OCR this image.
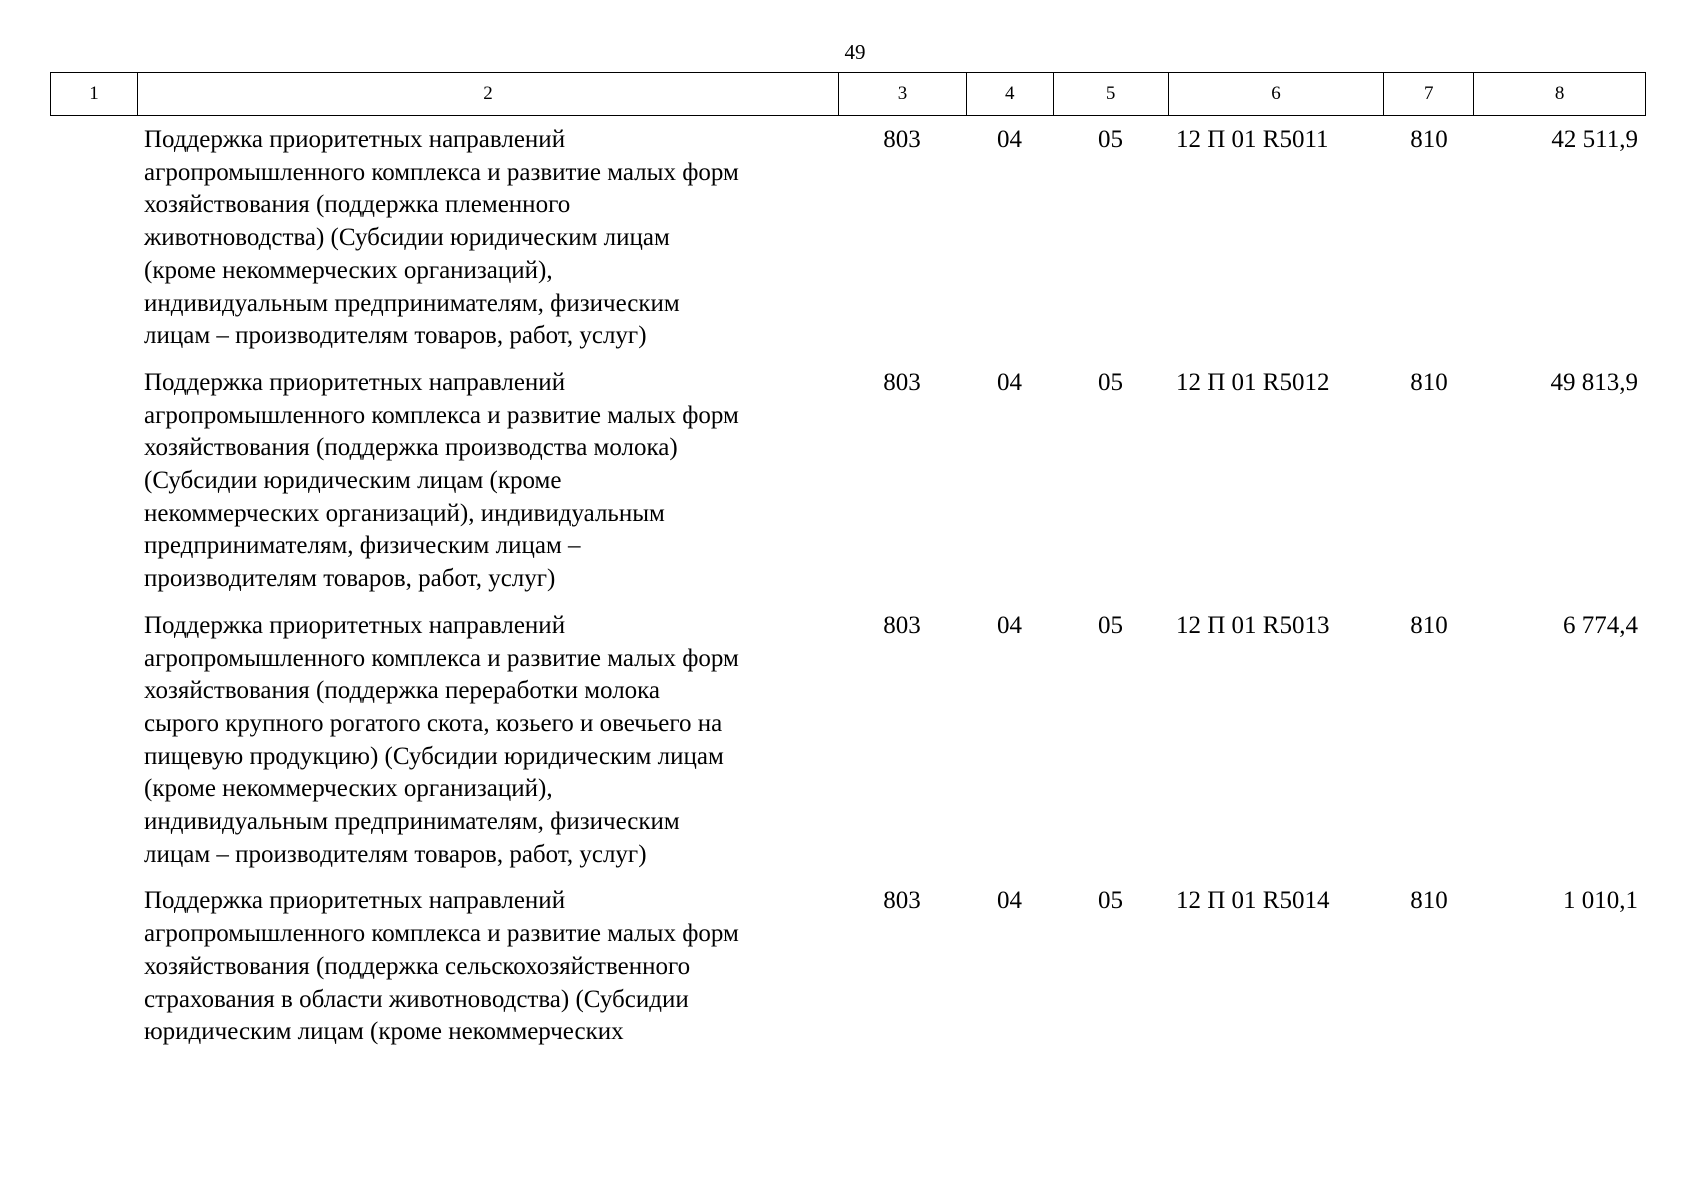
49
1	2	3	4	5	6	7	8
Поддержка приоритетных направлений
агропромышленного комплекса и развитие малых форм
хозяйствования (поддержка племенного
животноводства) (Субсидии юридическим лицам
(кроме некоммерческих организаций),
индивидуальным предпринимателям, физическим
лицам – производителям товаров, работ, услуг)
803	04	05	12 П 01 R5011	810	42 511,9
Поддержка приоритетных направлений
агропромышленного комплекса и развитие малых форм
хозяйствования (поддержка производства молока)
(Субсидии юридическим лицам (кроме
некоммерческих организаций), индивидуальным
предпринимателям, физическим лицам –
производителям товаров, работ, услуг)
803	04	05	12 П 01 R5012	810	49 813,9
Поддержка приоритетных направлений
агропромышленного комплекса и развитие малых форм
хозяйствования (поддержка переработки молока
сырого крупного рогатого скота, козьего и овечьего на
пищевую продукцию) (Субсидии юридическим лицам
(кроме некоммерческих организаций),
индивидуальным предпринимателям, физическим
лицам – производителям товаров, работ, услуг)
803	04	05	12 П 01 R5013	810	6 774,4
Поддержка приоритетных направлений
агропромышленного комплекса и развитие малых форм
хозяйствования (поддержка сельскохозяйственного
страхования в области животноводства) (Субсидии
юридическим лицам (кроме некоммерческих
803	04	05	12 П 01 R5014	810	1 010,1
